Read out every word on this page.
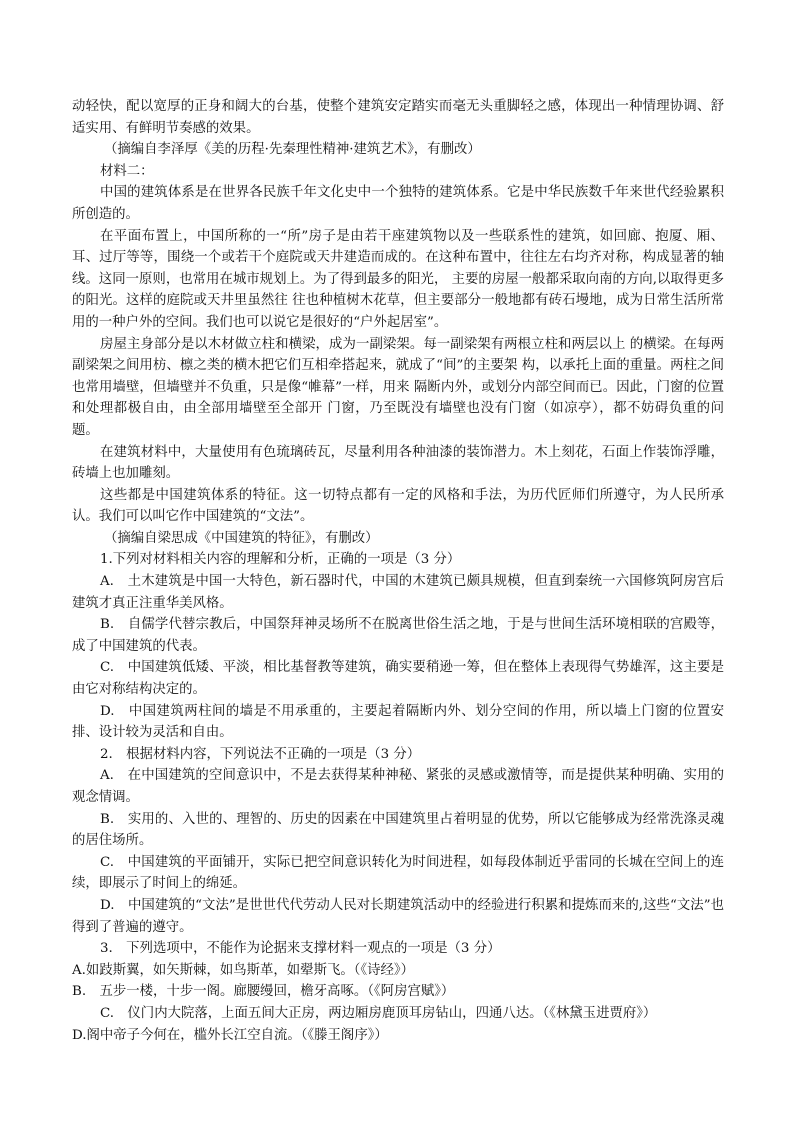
动轻快，配以宽厚的正身和阔大的台基，使整个建筑安定踏实而毫无头重脚轻之感，体现出一种情理协调、舒适实用、有鲜明节奏感的效果。

（摘编自李泽厚《美的历程·先秦理性精神·建筑艺术》，有删改）

材料二：

中国的建筑体系是在世界各民族千年文化史中一个独特的建筑体系。它是中华民族数千年来世代经验累积所创造的。

在平面布置上，中国所称的一“所”房子是由若干座建筑物以及一些联系性的建筑，如回廊、抱厦、厢、耳、过厅等等，围绕一个或若干个庭院或天井建造而成的。在这种布置中，往往左右均齐对称，构成显著的轴线。这同一原则，也常用在城市规划上。为了得到最多的阳光， 主要的房屋一般都采取向南的方向,以取得更多的阳光。这样的庭院或天井里虽然往 往也种植树木花草，但主要部分一般地都有砖石墁地，成为日常生活所常用的一种户外的空间。我们也可以说它是很好的“户外起居室”。

房屋主身部分是以木材做立柱和横梁，成为一副梁架。每一副梁架有两根立柱和两层以上 的横梁。在每两副梁架之间用枋、檩之类的横木把它们互相牵搭起来，就成了“间”的主要架 构，以承托上面的重量。两柱之间也常用墙壁，但墙壁并不负重，只是像“帷幕”一样，用来 隔断内外，或划分内部空间而已。因此，门窗的位置和处理都极自由，由全部用墙壁至全部开 门窗，乃至既没有墙壁也没有门窗（如凉亭），都不妨碍负重的问题。

在建筑材料中，大量使用有色琉璃砖瓦，尽量利用各种油漆的装饰潜力。木上刻花，石面上作装饰浮雕，砖墙上也加雕刻。

这些都是中国建筑体系的特征。这一切特点都有一定的风格和手法，为历代匠师们所遵守，为人民所承认。我们可以叫它作中国建筑的“文法”。

（摘编自梁思成《中国建筑的特征》，有删改）

1.下列对材料相关内容的理解和分析，正确的一项是（3 分）

A.　土木建筑是中国一大特色，新石器时代，中国的木建筑已颇具规模，但直到秦统一六国修筑阿房宫后建筑才真正注重华美风格。

B.　自儒学代替宗教后，中国祭拜神灵场所不在脱离世俗生活之地，于是与世间生活环境相联的宫殿等，成了中国建筑的代表。

C.　中国建筑低矮、平淡，相比基督教等建筑，确实要稍逊一筹，但在整体上表现得气势雄浑，这主要是由它对称结构决定的。

D.　中国建筑两柱间的墙是不用承重的，主要起着隔断内外、划分空间的作用，所以墙上门窗的位置安排、设计较为灵活和自由。

2.　根据材料内容，下列说法不正确的一项是（3 分）

A.　在中国建筑的空间意识中，不是去获得某种神秘、紧张的灵感或激情等，而是提供某种明确、实用的观念情调。

B.　实用的、入世的、理智的、历史的因素在中国建筑里占着明显的优势，所以它能够成为经常洗涤灵魂的居住场所。

C.　中国建筑的平面铺开，实际已把空间意识转化为时间进程，如每段体制近乎雷同的长城在空间上的连续，即展示了时间上的绵延。

D.　中国建筑的“文法”是世世代代劳动人民对长期建筑活动中的经验进行积累和提炼而来的,这些“文法”也得到了普遍的遵守。

3.　下列选项中，不能作为论据来支撑材料一观点的一项是（3 分）

A.如跂斯翼，如矢斯棘，如鸟斯革，如翚斯飞。（《诗经》）

B.　五步一楼，十步一阁。廊腰缦回，檐牙高啄。（《阿房宫赋》）

C.　仪门内大院落，上面五间大正房，两边厢房鹿顶耳房钻山，四通八达。（《林黛玉进贾府》）

D.阁中帝子今何在，槛外长江空自流。（《滕王阁序》）
